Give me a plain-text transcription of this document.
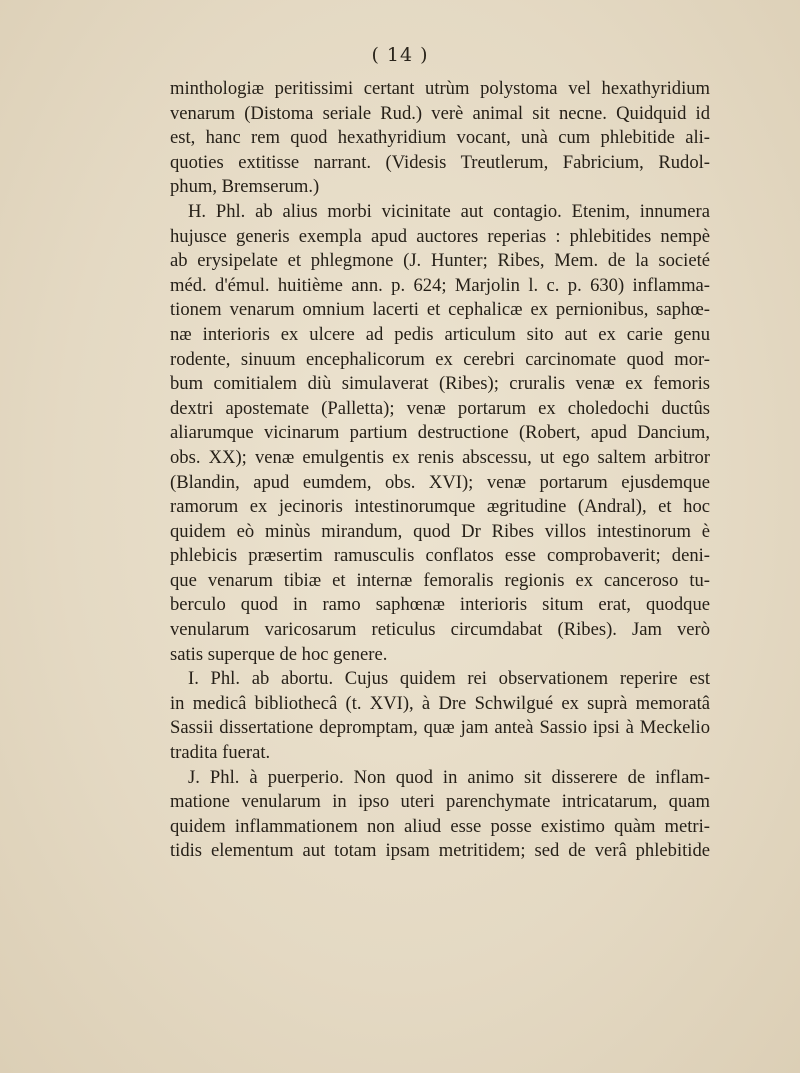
( 14 )
minthologiæ peritissimi certant utrùm polystoma vel hexathyridium
venarum (Distoma seriale Rud.) verè animal sit necne. Quidquid id
est, hanc rem quod hexathyridium vocant, unà cum phlebitide ali-
quoties extitisse narrant. (Videsis Treutlerum, Fabricium, Rudol-
phum, Bremserum.)
H. Phl. ab alius morbi vicinitate aut contagio. Etenim, innumera
hujusce generis exempla apud auctores reperias : phlebitides nempè
ab erysipelate et phlegmone (J. Hunter; Ribes, Mem. de la societé
méd. d'émul. huitième ann. p. 624; Marjolin l. c. p. 630) inflamma-
tionem venarum omnium lacerti et cephalicæ ex pernionibus, saphœ-
næ interioris ex ulcere ad pedis articulum sito aut ex carie genu
rodente, sinuum encephalicorum ex cerebri carcinomate quod mor-
bum comitialem diù simulaverat (Ribes); cruralis venæ ex femoris
dextri apostemate (Palletta); venæ portarum ex choledochi ductûs
aliarumque vicinarum partium destructione (Robert, apud Dancium,
obs. XX); venæ emulgentis ex renis abscessu, ut ego saltem arbitror
(Blandin, apud eumdem, obs. XVI); venæ portarum ejusdemque
ramorum ex jecinoris intestinorumque ægritudine (Andral), et hoc
quidem eò minùs mirandum, quod Dr Ribes villos intestinorum è
phlebicis præsertim ramusculis conflatos esse comprobaverit; deni-
que venarum tibiæ et internæ femoralis regionis ex canceroso tu-
berculo quod in ramo saphœnæ interioris situm erat, quodque
venularum varicosarum reticulus circumdabat (Ribes). Jam verò
satis superque de hoc genere.
I. Phl. ab abortu. Cujus quidem rei observationem reperire est
in medicâ bibliothecâ (t. XVI), à Dre Schwilgué ex suprà memoratâ
Sassii dissertatione depromptam, quæ jam anteà Sassio ipsi à Meckelio
tradita fuerat.
J. Phl. à puerperio. Non quod in animo sit disserere de inflam-
matione venularum in ipso uteri parenchymate intricatarum, quam
quidem inflammationem non aliud esse posse existimo quàm metri-
tidis elementum aut totam ipsam metritidem; sed de verâ phlebitide
